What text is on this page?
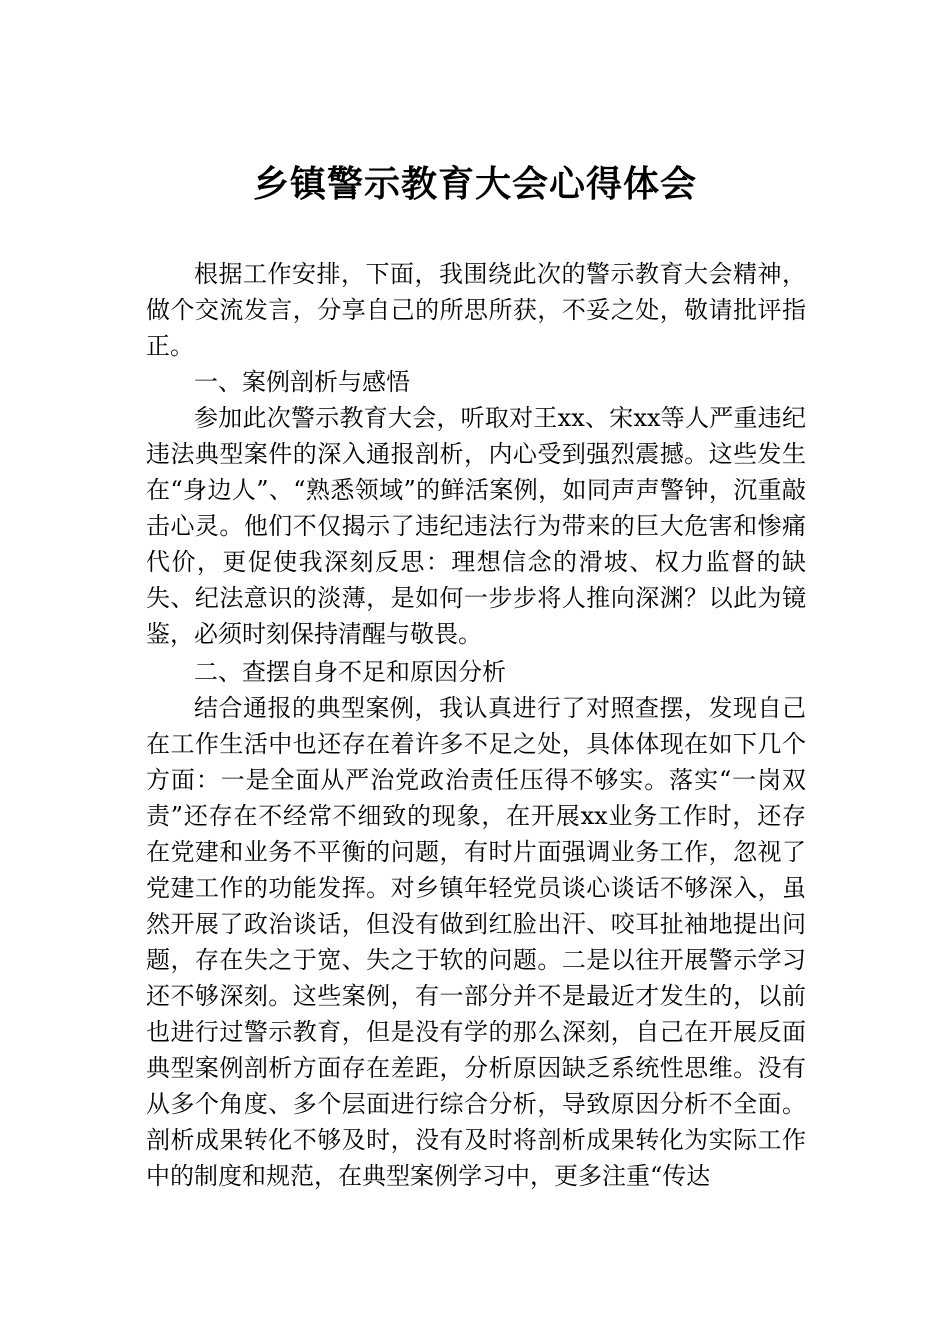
乡镇警示教育大会心得体会

根据工作安排，下面，我围绕此次的警示教育大会精神，做个交流发言，分享自己的所思所获，不妥之处，敬请批评指正。

一、案例剖析与感悟

参加此次警示教育大会，听取对王xx、宋xx等人严重违纪违法典型案件的深入通报剖析，内心受到强烈震撼。这些发生在“身边人”、“熟悉领域”的鲜活案例，如同声声警钟，沉重敲击心灵。他们不仅揭示了违纪违法行为带来的巨大危害和惨痛代价，更促使我深刻反思：理想信念的滑坡、权力监督的缺失、纪法意识的淡薄，是如何一步步将人推向深渊？以此为镜鉴，必须时刻保持清醒与敬畏。

二、查摆自身不足和原因分析

结合通报的典型案例，我认真进行了对照查摆，发现自己在工作生活中也还存在着许多不足之处，具体体现在如下几个方面：一是全面从严治党政治责任压得不够实。落实“一岗双责”还存在不经常不细致的现象，在开展xx业务工作时，还存在党建和业务不平衡的问题，有时片面强调业务工作，忽视了党建工作的功能发挥。对乡镇年轻党员谈心谈话不够深入，虽然开展了政治谈话，但没有做到红脸出汗、咬耳扯袖地提出问题，存在失之于宽、失之于软的问题。二是以往开展警示学习还不够深刻。这些案例，有一部分并不是最近才发生的，以前也进行过警示教育，但是没有学的那么深刻，自己在开展反面典型案例剖析方面存在差距，分析原因缺乏系统性思维。没有从多个角度、多个层面进行综合分析，导致原因分析不全面。剖析成果转化不够及时，没有及时将剖析成果转化为实际工作中的制度和规范，在典型案例学习中，更多注重“传达
